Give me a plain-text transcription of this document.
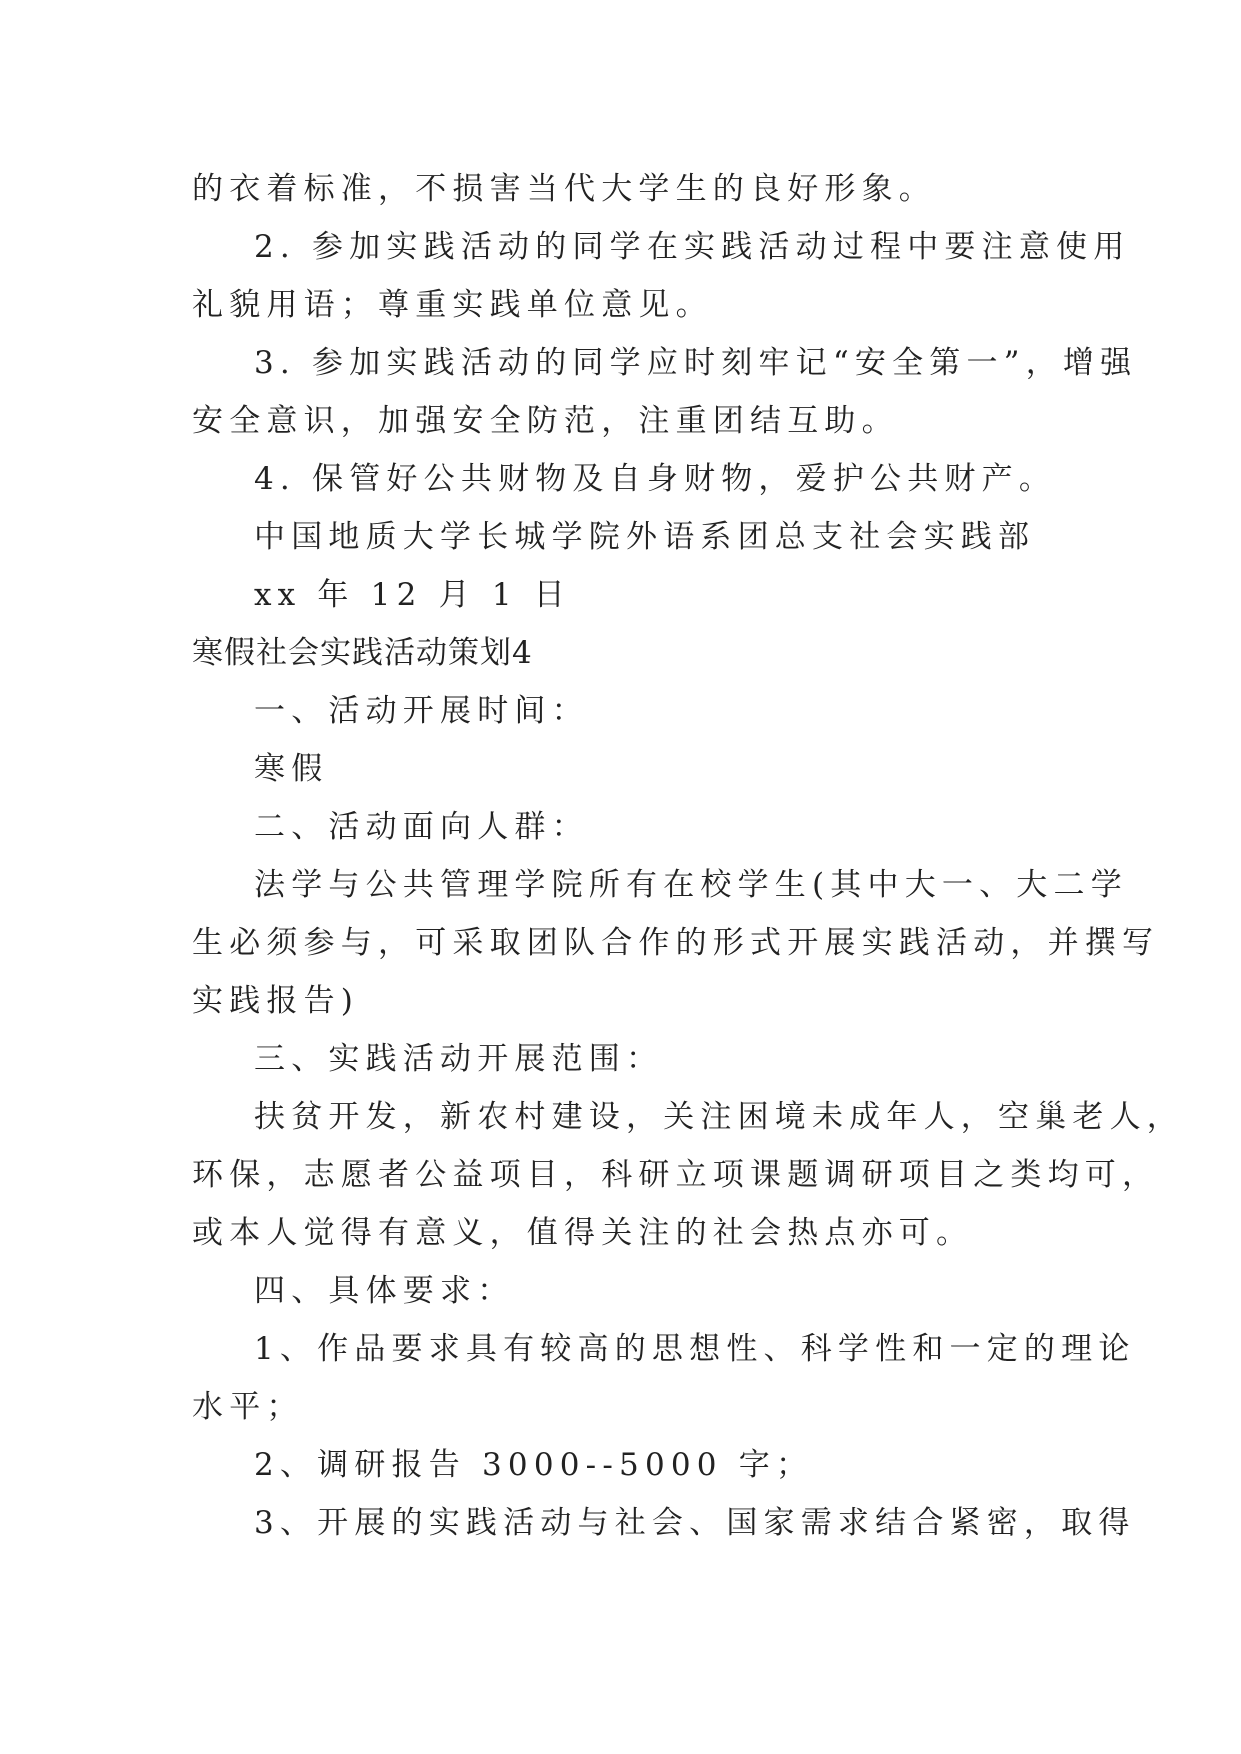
的衣着标准，不损害当代大学生的良好形象。
2. 参加实践活动的同学在实践活动过程中要注意使用
礼貌用语；尊重实践单位意见。
3. 参加实践活动的同学应时刻牢记“安全第一”，增强
安全意识，加强安全防范，注重团结互助。
4. 保管好公共财物及自身财物，爱护公共财产。
中国地质大学长城学院外语系团总支社会实践部
xx 年 12 月 1 日
寒假社会实践活动策划4
一、活动开展时间：
寒假
二、活动面向人群：
法学与公共管理学院所有在校学生(其中大一、大二学
生必须参与，可采取团队合作的形式开展实践活动，并撰写
实践报告)
三、实践活动开展范围：
扶贫开发，新农村建设，关注困境未成年人，空巢老人，
环保，志愿者公益项目，科研立项课题调研项目之类均可，
或本人觉得有意义，值得关注的社会热点亦可。
四、具体要求：
1、作品要求具有较高的思想性、科学性和一定的理论
水平；
2、调研报告 3000--5000 字；
3、开展的实践活动与社会、国家需求结合紧密，取得
